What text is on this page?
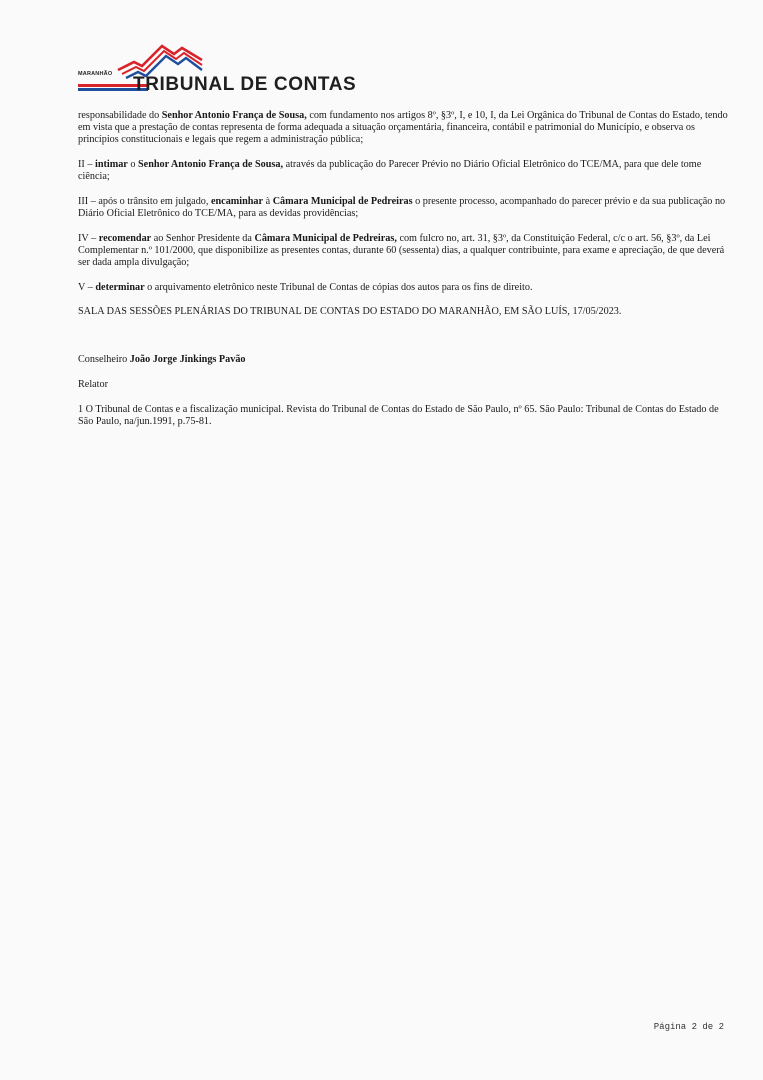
MARANHÃO TRIBUNAL DE CONTAS

responsabilidade do Senhor Antonio França de Sousa, com fundamento nos artigos 8º, §3º, I, e 10, I, da Lei Orgânica do Tribunal de Contas do Estado, tendo em vista que a prestação de contas representa de forma adequada a situação orçamentária, financeira, contábil e patrimonial do Município, e observa os princípios constitucionais e legais que regem a administração pública;

II – intimar o Senhor Antonio França de Sousa, através da publicação do Parecer Prévio no Diário Oficial Eletrônico do TCE/MA, para que dele tome ciência;

III – após o trânsito em julgado, encaminhar à Câmara Municipal de Pedreiras o presente processo, acompanhado do parecer prévio e da sua publicação no Diário Oficial Eletrônico do TCE/MA, para as devidas providências;

IV – recomendar ao Senhor Presidente da Câmara Municipal de Pedreiras, com fulcro no, art. 31, §3º, da Constituição Federal, c/c o art. 56, §3º, da Lei Complementar n.º 101/2000, que disponibilize as presentes contas, durante 60 (sessenta) dias, a qualquer contribuinte, para exame e apreciação, de que deverá ser dada ampla divulgação;

V – determinar o arquivamento eletrônico neste Tribunal de Contas de cópias dos autos para os fins de direito.

SALA DAS SESSÕES PLENÁRIAS DO TRIBUNAL DE CONTAS DO ESTADO DO MARANHÃO, EM SÃO LUÍS, 17/05/2023.

Conselheiro João Jorge Jinkings Pavão

Relator

1 O Tribunal de Contas e a fiscalização municipal. Revista do Tribunal de Contas do Estado de São Paulo, nº 65. São Paulo: Tribunal de Contas do Estado de São Paulo, na/jun.1991, p.75-81.

Página 2 de 2
